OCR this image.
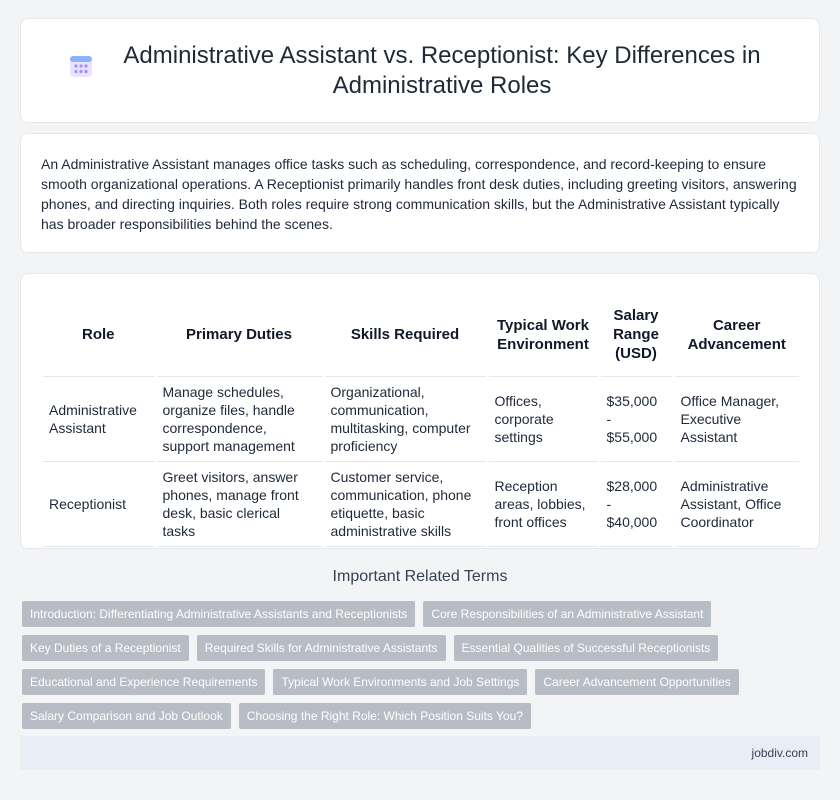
Administrative Assistant vs. Receptionist: Key Differences in Administrative Roles

An Administrative Assistant manages office tasks such as scheduling, correspondence, and record-keeping to ensure smooth organizational operations. A Receptionist primarily handles front desk duties, including greeting visitors, answering phones, and directing inquiries. Both roles require strong communication skills, but the Administrative Assistant typically has broader responsibilities behind the scenes.

Role	Primary Duties	Skills Required	Typical Work Environment	Salary Range (USD)	Career Advancement
Administrative Assistant	Manage schedules, organize files, handle correspondence, support management	Organizational, communication, multitasking, computer proficiency	Offices, corporate settings	$35,000 - $55,000	Office Manager, Executive Assistant
Receptionist	Greet visitors, answer phones, manage front desk, basic clerical tasks	Customer service, communication, phone etiquette, basic administrative skills	Reception areas, lobbies, front offices	$28,000 - $40,000	Administrative Assistant, Office Coordinator
Important Related Terms
Introduction: Differentiating Administrative Assistants and Receptionists	Core Responsibilities of an Administrative Assistant
Key Duties of a Receptionist	Required Skills for Administrative Assistants	Essential Qualities of Successful Receptionists
Educational and Experience Requirements	Typical Work Environments and Job Settings	Career Advancement Opportunities
Salary Comparison and Job Outlook	Choosing the Right Role: Which Position Suits You?
jobdiv.com
